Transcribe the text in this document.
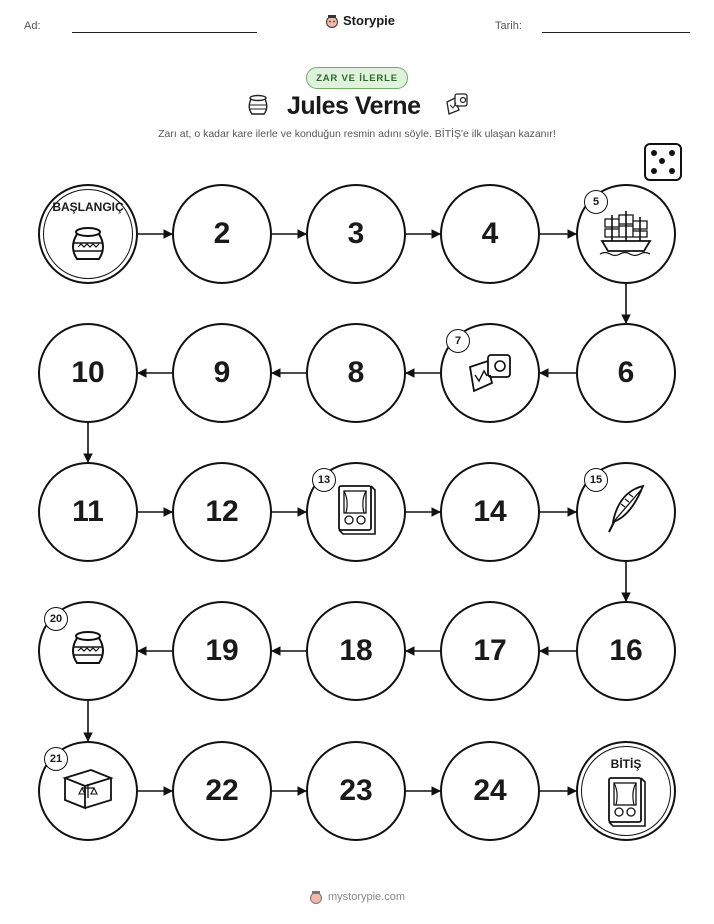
Ad:	Storypie	Tarih:
ZAR VE İLERLE
Jules Verne
Zarı at, o kadar kare ilerle ve konduğun resmin adını söyle. BİTİŞ'e ilk ulaşan kazanır!
BAŞLANGIÇ
2	3	4
5
6
7
8
9
10
11	12
13
14
15
16
17
18
19
20
21
22	23	24
BİTİŞ
mystorypie.com
